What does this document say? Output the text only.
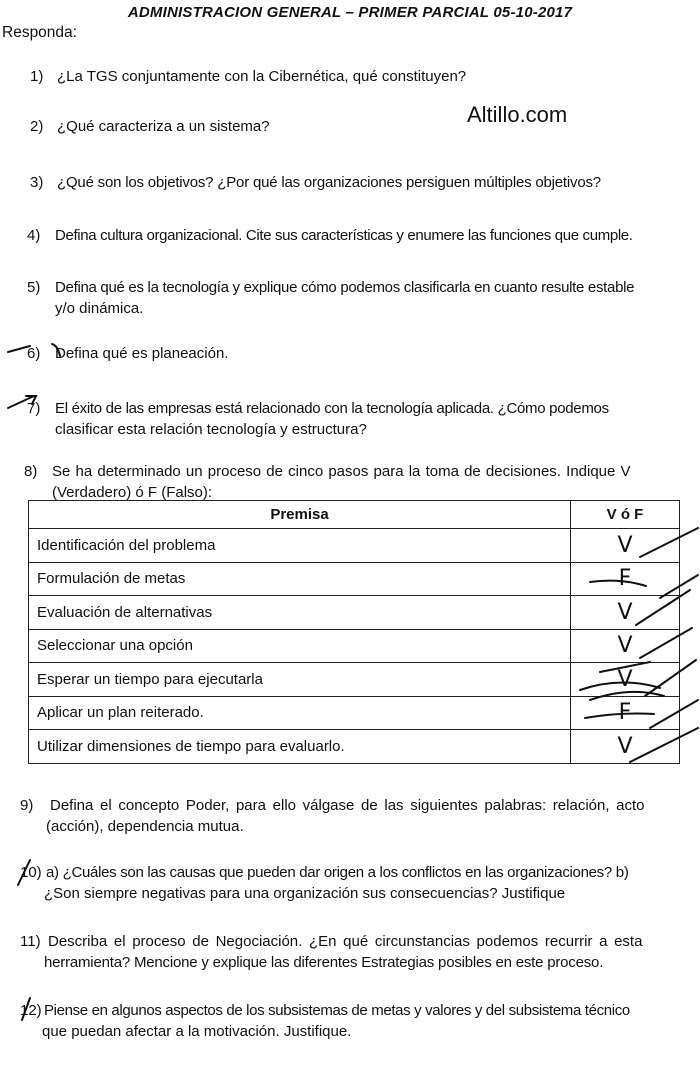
ADMINISTRACION GENERAL – PRIMER PARCIAL 05-10-2017
Responda:
Altillo.com
1) ¿La TGS conjuntamente con la Cibernética, qué constituyen?
2) ¿Qué caracteriza a un sistema?
3) ¿Qué son los objetivos? ¿Por qué las organizaciones persiguen múltiples objetivos?
4) Defina cultura organizacional. Cite sus características y enumere las funciones que cumple.
5) Defina qué es la tecnología y explique cómo podemos clasificarla en cuanto resulte estable
y/o dinámica.
6) Defina qué es planeación.
7) El éxito de las empresas está relacionado con la tecnología aplicada. ¿Cómo podemos
clasificar esta relación tecnología y estructura?
8) Se ha determinado un proceso de cinco pasos para la toma de decisiones. Indique V
(Verdadero) ó F (Falso):
Premisa	V ó F
Identificación del problema	V
Formulación de metas	F
Evaluación de alternativas	V
Seleccionar una opción	V
Esperar un tiempo para ejecutarla	V
Aplicar un plan reiterado.	F
Utilizar dimensiones de tiempo para evaluarlo.	V
9) Defina el concepto Poder, para ello válgase de las siguientes palabras: relación, acto
(acción), dependencia mutua.
10) a) ¿Cuáles son las causas que pueden dar origen a los conflictos en las organizaciones? b)
¿Son siempre negativas para una organización sus consecuencias? Justifique
11) Describa el proceso de Negociación. ¿En qué circunstancias podemos recurrir a esta
herramienta? Mencione y explique las diferentes Estrategias posibles en este proceso.
12) Piense en algunos aspectos de los subsistemas de metas y valores y del subsistema técnico
que puedan afectar a la motivación. Justifique.
